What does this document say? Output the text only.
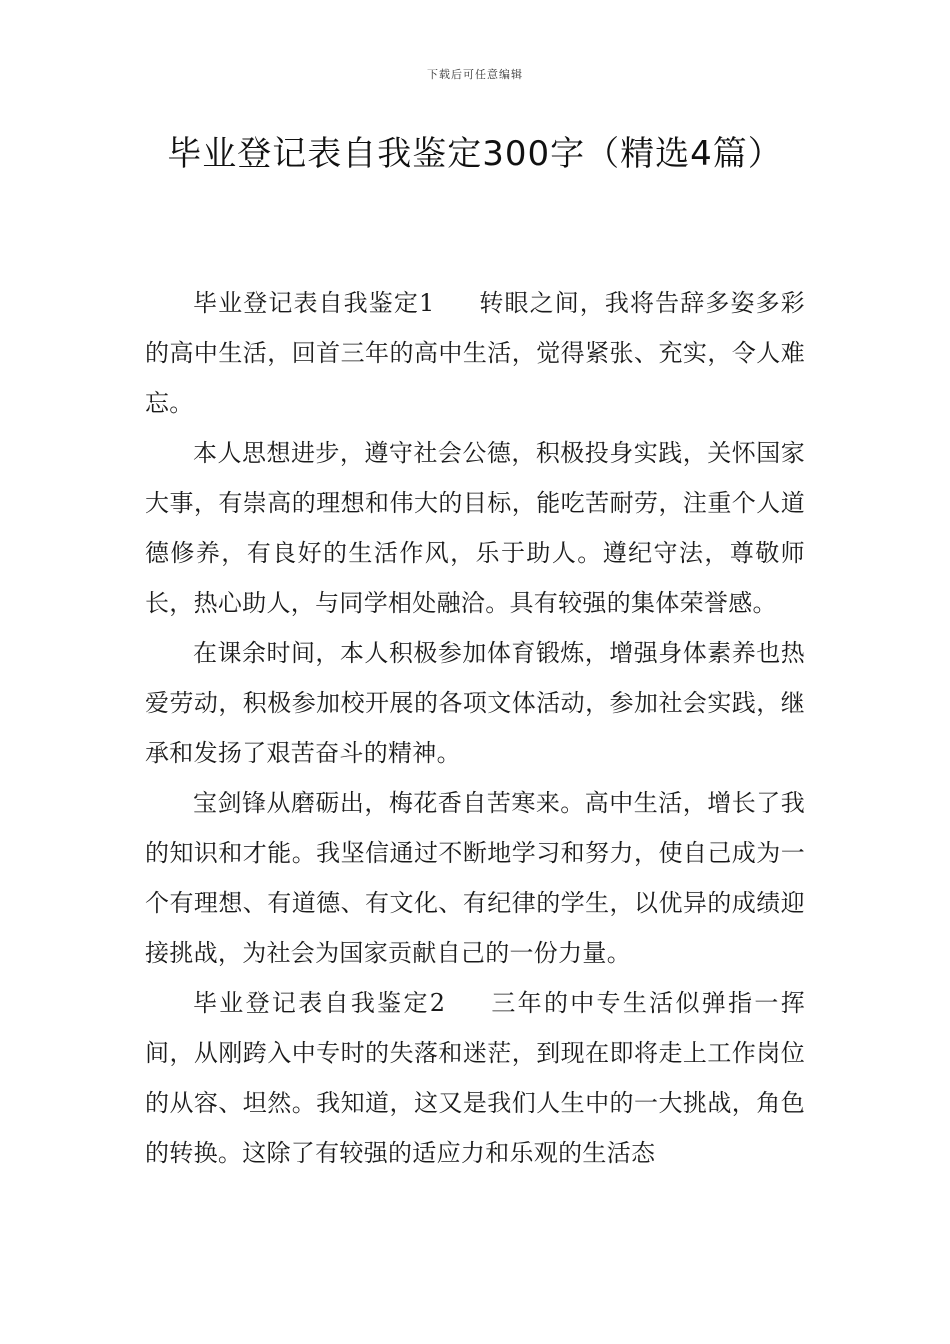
下载后可任意编辑
毕业登记表自我鉴定300字（精选4篇）

毕业登记表自我鉴定1 转眼之间，我将告辞多姿多彩的高中生活，回首三年的高中生活，觉得紧张、充实，令人难忘。

本人思想进步，遵守社会公德，积极投身实践，关怀国家大事，有崇高的理想和伟大的目标，能吃苦耐劳，注重个人道德修养，有良好的生活作风，乐于助人。遵纪守法，尊敬师长，热心助人，与同学相处融洽。具有较强的集体荣誉感。

在课余时间，本人积极参加体育锻炼，增强身体素养也热爱劳动，积极参加校开展的各项文体活动，参加社会实践，继承和发扬了艰苦奋斗的精神。

宝剑锋从磨砺出，梅花香自苦寒来。高中生活，增长了我的知识和才能。我坚信通过不断地学习和努力，使自己成为一个有理想、有道德、有文化、有纪律的学生，以优异的成绩迎接挑战，为社会为国家贡献自己的一份力量。

毕业登记表自我鉴定2 三年的中专生活似弹指一挥间，从刚跨入中专时的失落和迷茫，到现在即将走上工作岗位的从容、坦然。我知道，这又是我们人生中的一大挑战，角色的转换。这除了有较强的适应力和乐观的生活态
